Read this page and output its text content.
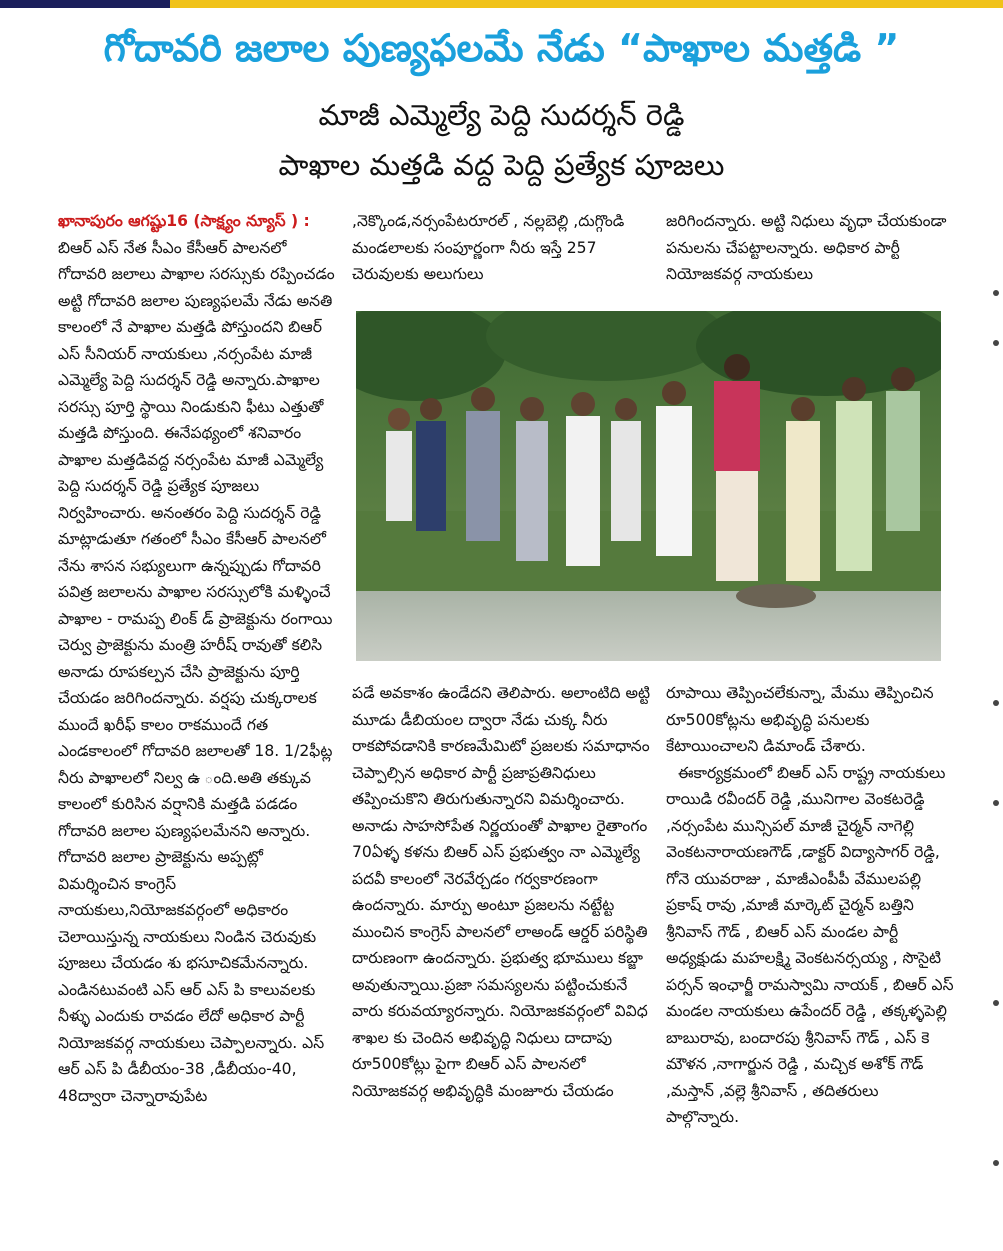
గోదావరి జలాల పుణ్యఫలమే నేడు “పాఖాల మత్తడి ”
మాజీ ఎమ్మెల్యే పెద్ది సుదర్శన్ రెడ్డి
పాఖాల మత్తడి వద్ద పెద్ది ప్రత్యేక పూజలు

ఖానాపురం ఆగష్టు16 (సాక్ష్యం న్యూస్ ) :

బిఆర్ ఎస్ నేత సీఎం కేసీఆర్ పాలనలో గోదావరి జలాలు పాఖాల సరస్సుకు రప్పించడం అట్టి గోదావరి జలాల పుణ్యఫలమే నేడు అనతి కాలంలో నే పాఖాల మత్తడి పోస్తుందని బిఆర్ ఎస్ సీనియర్ నాయకులు ,నర్సంపేట మాజీ ఎమ్మెల్యే పెద్ది సుదర్శన్ రెడ్డి అన్నారు.పాఖాల సరస్సు పూర్తి స్థాయి నిండుకుని ఫీటు ఎత్తుతో మత్తడి పోస్తుంది. ఈనేపథ్యంలో శనివారం పాఖాల మత్తడివద్ద నర్సంపేట మాజీ ఎమ్మెల్యే పెద్ది సుదర్శన్ రెడ్డి ప్రత్యేక పూజలు నిర్వహించారు. అనంతరం పెద్ది సుదర్శన్ రెడ్డి మాట్లాడుతూ గతంలో సీఎం కేసీఆర్ పాలనలో నేను శాసన సభ్యులుగా ఉన్నప్పుడు గోదావరి పవిత్ర జలాలను పాఖాల సరస్సులోకి మళ్ళించే పాఖాల - రామప్ప లింక్ డ్ ప్రాజెక్టును రంగాయి చెర్వు ప్రాజెక్టును మంత్రి హరీష్ రావుతో కలిసి అనాడు రూపకల్పన చేసి ప్రాజెక్టును పూర్తి చేయడం జరిగిందన్నారు. వర్షపు చుక్కరాలక ముందే ఖరీఫ్ కాలం రాకముందే గత ఎండకాలంలో గోదావరి జలాలతో 18. 1/2ఫీట్ల నీరు పాఖాలలో నిల్వ ఉ ంది.అతి తక్కువ కాలంలో కురిసిన వర్షానికి మత్తడి పడడం గోదావరి జలాల పుణ్యఫలమేనని అన్నారు. గోదావరి జలాల ప్రాజెక్టును అప్పట్లో విమర్శించిన కాంగ్రెస్ నాయకులు,నియోజకవర్గంలో అధికారం చెలాయిస్తున్న నాయకులు నిండిన చెరువుకు పూజలు చేయడం శు భసూచికమేనన్నారు. ఎండినటువంటి ఎస్ ఆర్ ఎస్ పి కాలువలకు నీళ్ళు ఎందుకు రావడం లేదో అధికార పార్టీ నియోజకవర్గ నాయకులు చెప్పాలన్నారు. ఎస్ ఆర్ ఎస్ పి డీబీయం-38 ,డీబీయం-40, 48ద్వారా చెన్నారావుపేట

,నెక్కొండ,నర్సంపేటరూరల్ , నల్లబెల్లి ,దుగ్గొండి మండలాలకు సంపూర్ణంగా నీరు ఇస్తే 257 చెరువులకు అలుగులు

జరిగిందన్నారు. అట్టి నిధులు వృధా చేయకుండా పనులను చేపట్టాలన్నారు. అధికార పార్టీ నియోజకవర్గ నాయకులు

పడే అవకాశం ఉండేదని తెలిపారు. అలాంటిది అట్టి మూడు డీబియంల ద్వారా నేడు చుక్క నీరు రాకపోవడానికి కారణమేమిటో ప్రజలకు సమాధానం చెప్పాల్సిన అధికార పార్టీ ప్రజాప్రతినిధులు తప్పించుకొని తిరుగుతున్నారని విమర్శించారు. అనాడు సాహసోపేత నిర్ణయంతో పాఖాల రైతాంగం 70ఏళ్ళ కళను బిఆర్ ఎస్ ప్రభుత్వం నా ఎమ్మెల్యే పదవీ కాలంలో నెరవేర్చడం గర్వకారణంగా ఉందన్నారు. మార్పు అంటూ ప్రజలను నట్టేట్ట ముంచిన కాంగ్రెస్ పాలనలో లాఅండ్ ఆర్డర్ పరిస్థితి దారుణంగా ఉందన్నారు. ప్రభుత్వ భూములు కబ్జా అవుతున్నాయి.ప్రజా సమస్యలను పట్టించుకునే వారు కరువయ్యారన్నారు. నియోజకవర్గంలో వివిధ శాఖల కు చెందిన అభివృద్ధి నిధులు దాదాపు రూ500కోట్లు పైగా బిఆర్ ఎస్ పాలనలో నియోజకవర్గ అభివృద్ధికి మంజూరు చేయడం

రూపాయి తెప్పించలేకున్నా, మేము తెప్పించిన రూ500కోట్లను అభివృద్ధి పనులకు కేటాయించాలని డిమాండ్ చేశారు.

ఈకార్యక్రమంలో బిఆర్ ఎస్ రాష్ట్ర నాయకులు రాయిడి రవీందర్ రెడ్డి ,మునిగాల వెంకటరెడ్డి ,నర్సంపేట మున్సిపల్ మాజీ చైర్మన్ నాగెల్లి వెంకటనారాయణగౌడ్ ,డాక్టర్ విద్యాసాగర్ రెడ్డి, గోనె యువరాజు , మాజీఎంపీపీ వేములపల్లి ప్రకాష్ రావు ,మాజీ మార్కెట్ చైర్మన్ బత్తిని శ్రీనివాస్ గౌడ్ , బిఆర్ ఎస్ మండల పార్టీ అధ్యక్షుడు మహలక్ష్మి వెంకటనర్సయ్య , సొసైటి పర్సన్ ఇంఛార్జీ రామస్వామి నాయక్ , బిఆర్ ఎస్ మండల నాయకులు ఉపేందర్ రెడ్డి , తక్కళ్ళపెల్లి బాబురావు, బందారపు శ్రీనివాస్ గౌడ్ , ఎస్ కె మౌళన ,నాగార్జున రెడ్డి , మచ్చిక అశోక్ గౌడ్ ,మస్తాన్ ,వల్లె శ్రీనివాస్ , తదితరులు పాల్గొన్నారు.
